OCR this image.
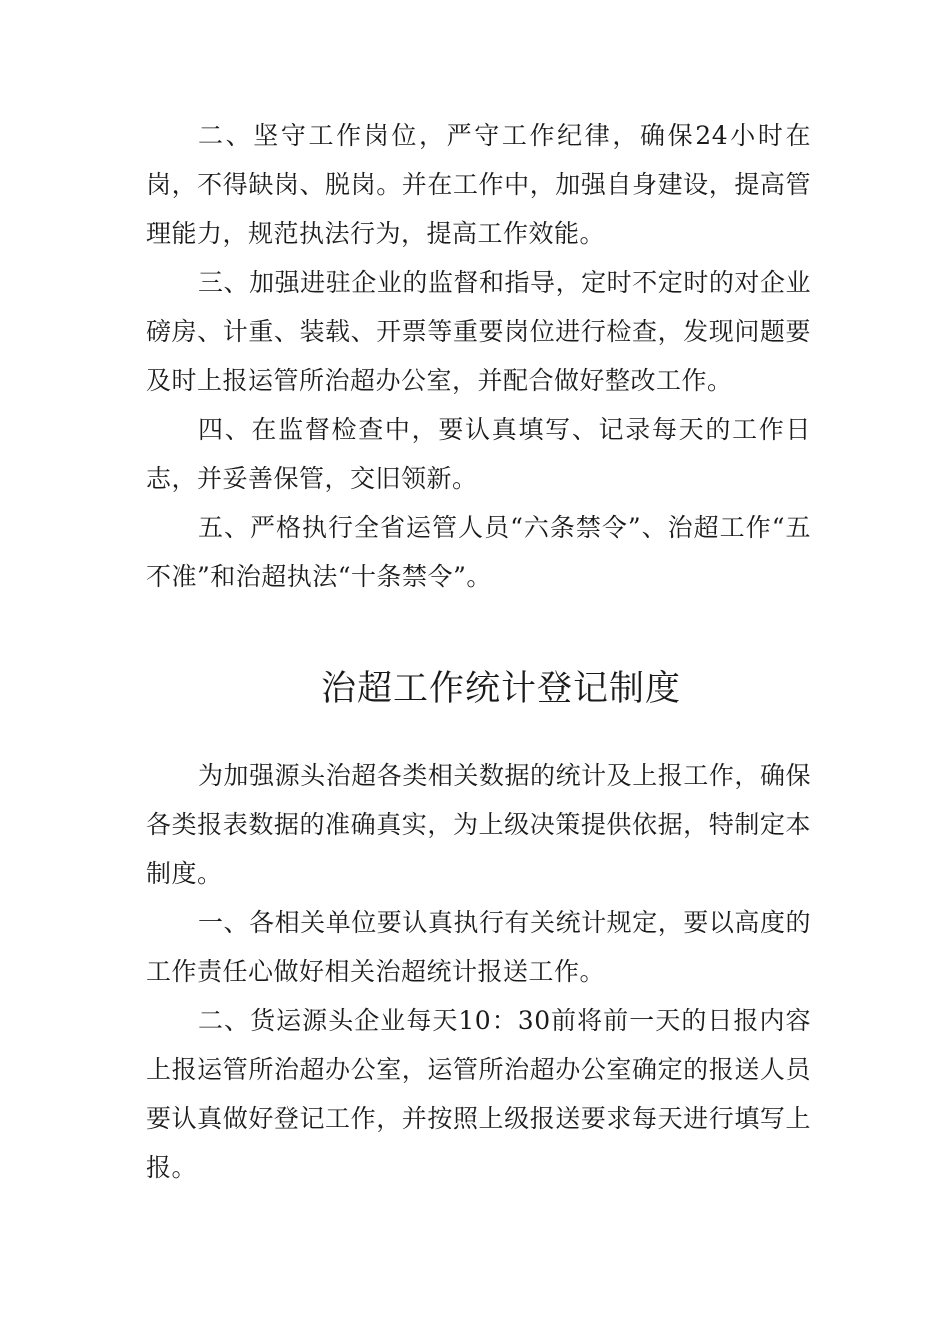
二、坚守工作岗位，严守工作纪律，确保24小时在岗，不得缺岗、脱岗。并在工作中，加强自身建设，提高管理能力，规范执法行为，提高工作效能。

三、加强进驻企业的监督和指导，定时不定时的对企业磅房、计重、装载、开票等重要岗位进行检查，发现问题要及时上报运管所治超办公室，并配合做好整改工作。

四、在监督检查中，要认真填写、记录每天的工作日志，并妥善保管，交旧领新。

五、严格执行全省运管人员“六条禁令”、治超工作“五不准”和治超执法“十条禁令”。

治超工作统计登记制度

为加强源头治超各类相关数据的统计及上报工作，确保各类报表数据的准确真实，为上级决策提供依据，特制定本制度。

一、各相关单位要认真执行有关统计规定，要以高度的工作责任心做好相关治超统计报送工作。

二、货运源头企业每天10：30前将前一天的日报内容上报运管所治超办公室，运管所治超办公室确定的报送人员要认真做好登记工作，并按照上级报送要求每天进行填写上报。
